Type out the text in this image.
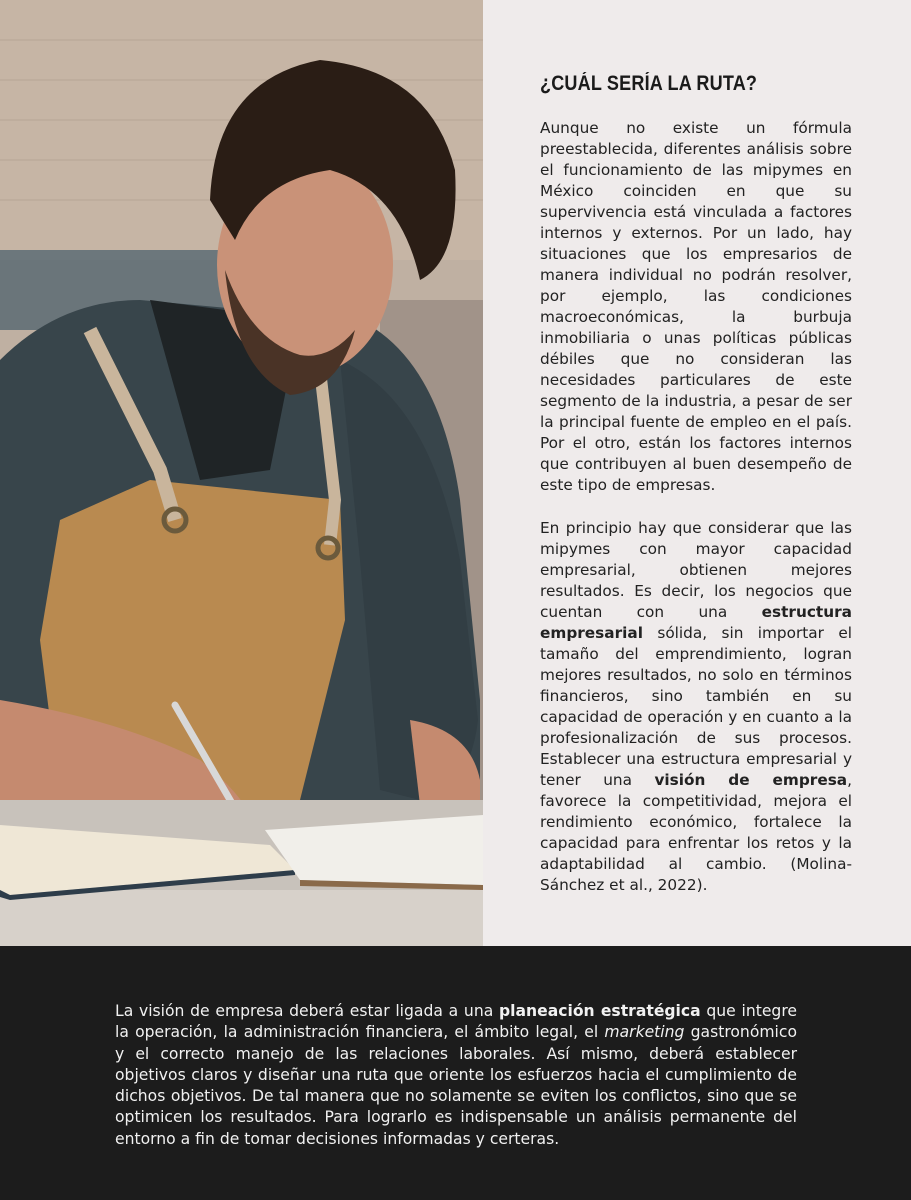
¿CUÁL SERÍA LA RUTA?

Aunque no existe un fórmula preestablecida, diferentes análisis sobre el funcionamiento de las mipymes en México coinciden en que su supervivencia está vinculada a factores internos y externos. Por un lado, hay situaciones que los empresarios de manera individual no podrán resolver, por ejemplo, las condiciones macroeconómicas, la burbuja inmobiliaria o unas políticas públicas débiles que no consideran las necesidades particulares de este segmento de la industria, a pesar de ser la principal fuente de empleo en el país. Por el otro, están los factores internos que contribuyen al buen desempeño de este tipo de empresas.

En principio hay que considerar que las mipymes con mayor capacidad empresarial, obtienen mejores resultados. Es decir, los negocios que cuentan con una estructura empresarial sólida, sin importar el tamaño del emprendimiento, logran mejores resultados, no solo en términos financieros, sino también en su capacidad de operación y en cuanto a la profesionalización de sus procesos. Establecer una estructura empresarial y tener una visión de empresa, favorece la competitividad, mejora el rendimiento económico, fortalece la capacidad para enfrentar los retos y la adaptabilidad al cambio. (Molina-Sánchez et al., 2022).

La visión de empresa deberá estar ligada a una planeación estratégica que integre la operación, la administración financiera, el ámbito legal, el marketing gastronómico y el correcto manejo de las relaciones laborales. Así mismo, deberá establecer objetivos claros y diseñar una ruta que oriente los esfuerzos hacia el cumplimiento de dichos objetivos. De tal manera que no solamente se eviten los conflictos, sino que se optimicen los resultados. Para lograrlo es indispensable un análisis permanente del entorno a fin de tomar decisiones informadas y certeras.
